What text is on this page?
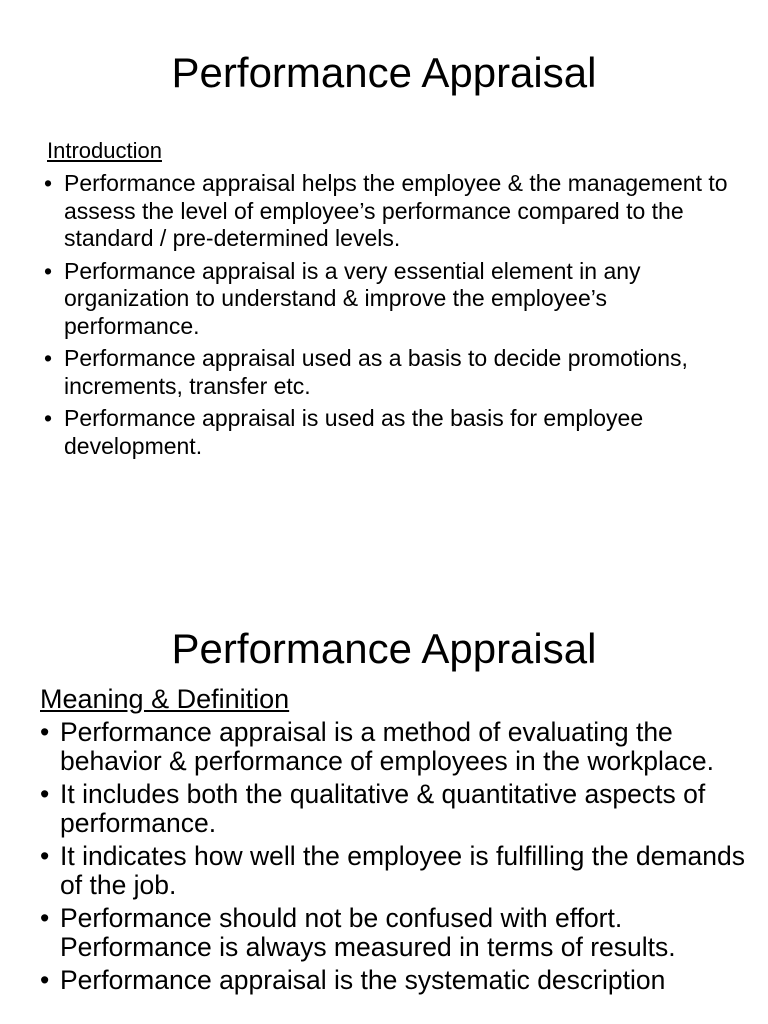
Performance Appraisal
Introduction
• Performance appraisal helps the employee & the management to assess the level of employee’s performance compared to the standard / pre-determined levels.
• Performance appraisal is a very essential element in any organization to understand & improve the employee’s performance.
• Performance appraisal used as a basis to decide promotions, increments, transfer etc.
• Performance appraisal is used as the basis for employee development.
Performance Appraisal
Meaning & Definition
• Performance appraisal is a method of evaluating the behavior & performance of employees in the workplace.
• It includes both the qualitative & quantitative aspects of performance.
• It indicates how well the employee is fulfilling the demands of the job.
• Performance should not be confused with effort. Performance is always measured in terms of results.
• Performance appraisal is the systematic description
